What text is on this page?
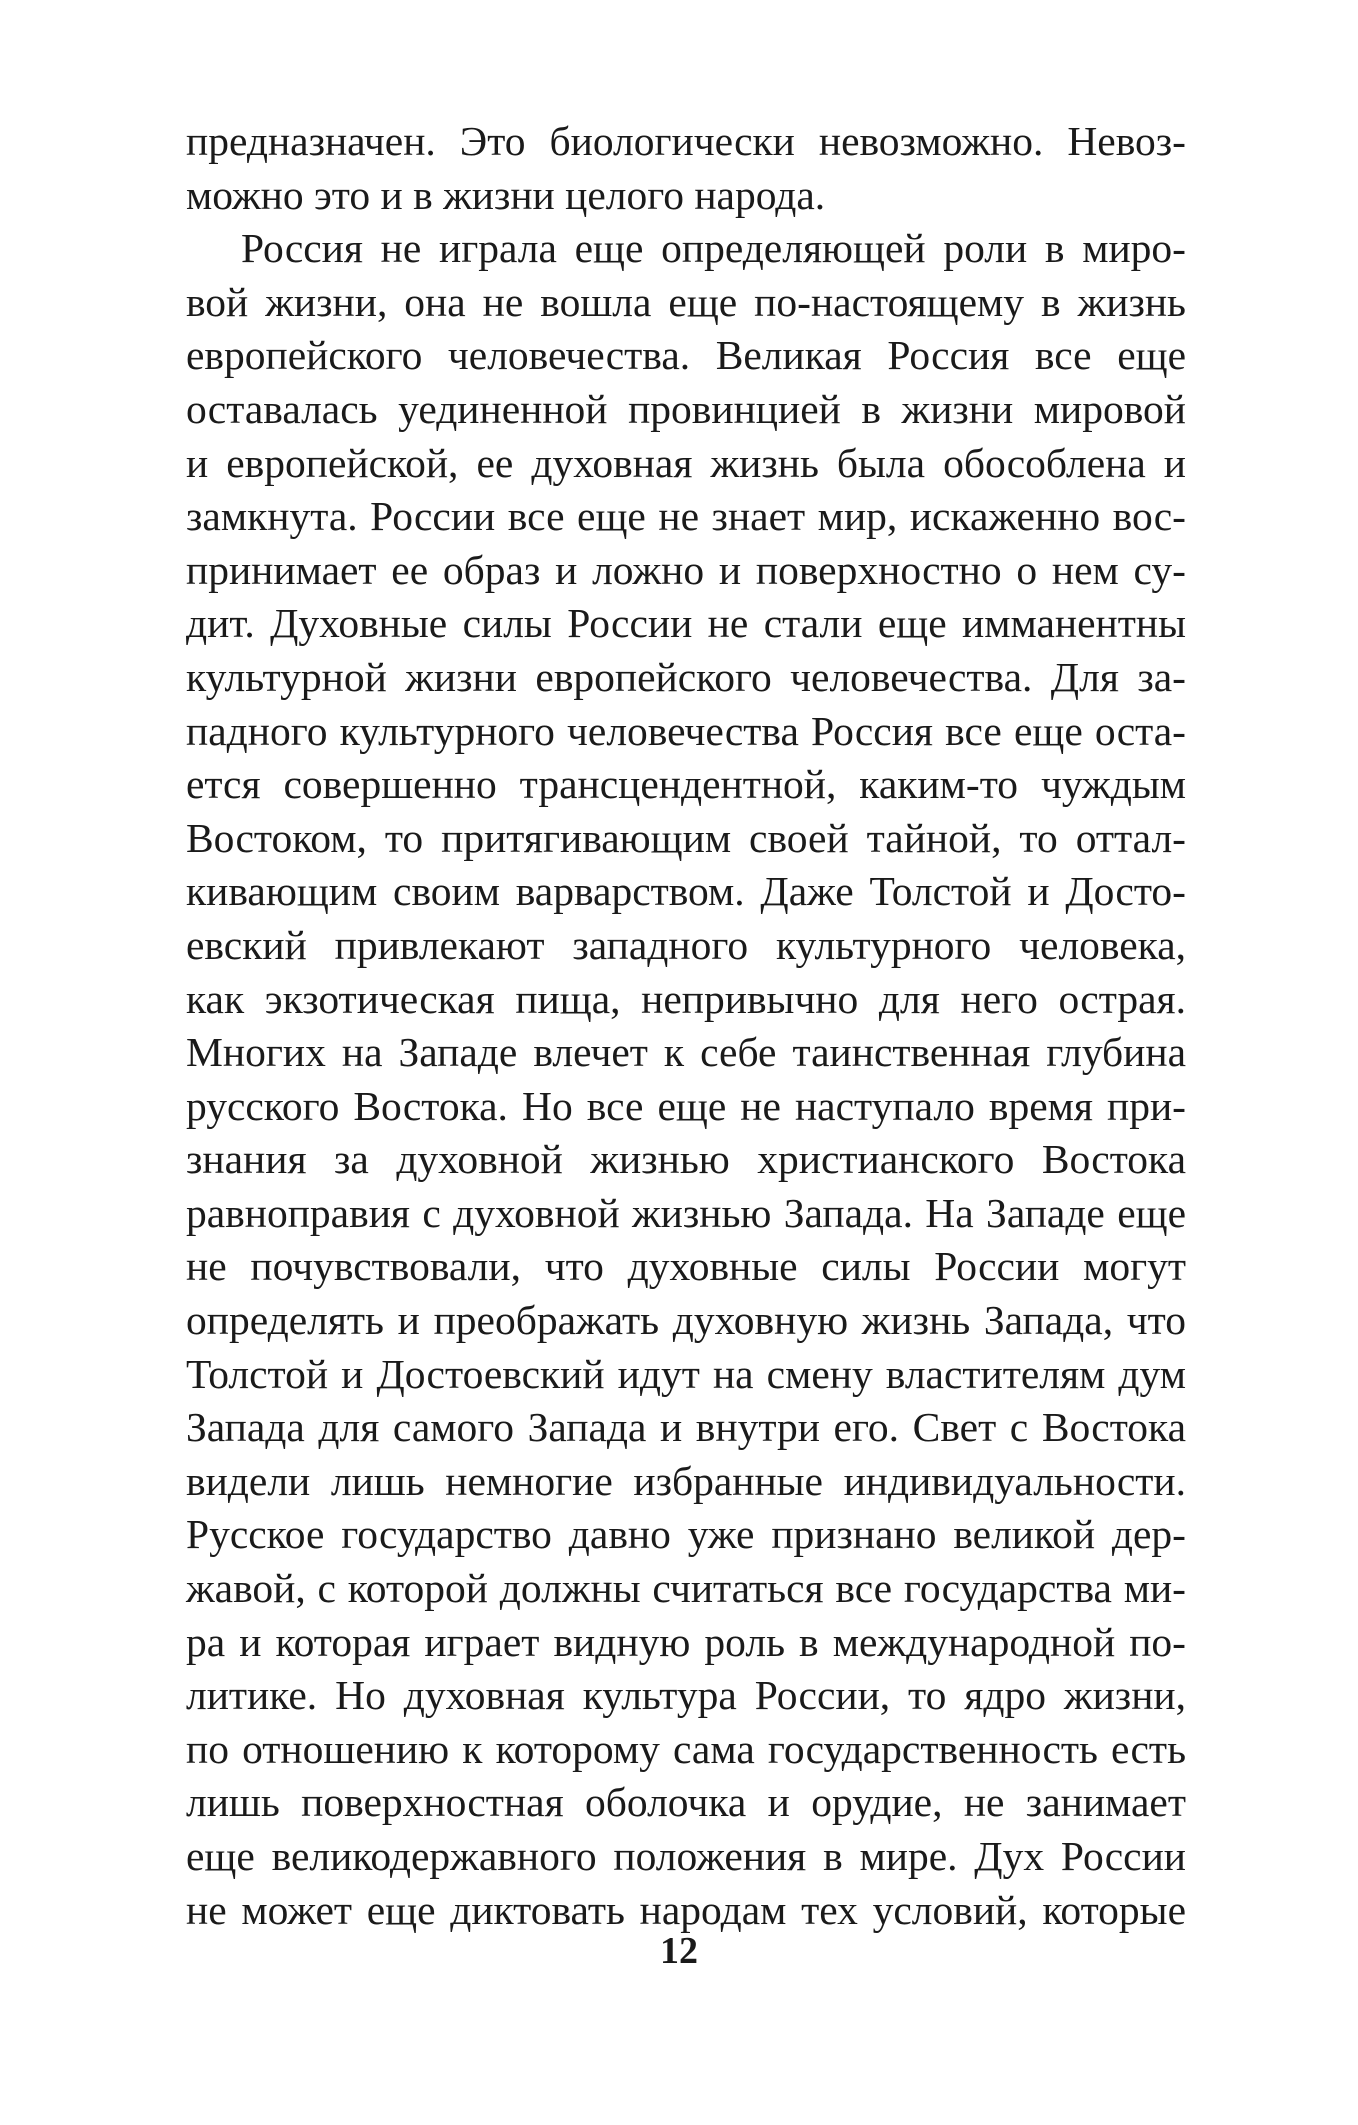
предназначен. Это биологически невозможно. Невоз-
можно это и в жизни целого народа.
Россия не играла еще определяющей роли в миро-
вой жизни, она не вошла еще по-настоящему в жизнь
европейского человечества. Великая Россия все еще
оставалась уединенной провинцией в жизни мировой
и европейской, ее духовная жизнь была обособлена и
замкнута. России все еще не знает мир, искаженно вос-
принимает ее образ и ложно и поверхностно о нем су-
дит. Духовные силы России не стали еще имманентны
культурной жизни европейского человечества. Для за-
падного культурного человечества Россия все еще оста-
ется совершенно трансцендентной, каким-то чуждым
Востоком, то притягивающим своей тайной, то оттал-
кивающим своим варварством. Даже Толстой и Досто-
евский привлекают западного культурного человека,
как экзотическая пища, непривычно для него острая.
Многих на Западе влечет к себе таинственная глубина
русского Востока. Но все еще не наступало время при-
знания за духовной жизнью христианского Востока
равноправия с духовной жизнью Запада. На Западе еще
не почувствовали, что духовные силы России могут
определять и преображать духовную жизнь Запада, что
Толстой и Достоевский идут на смену властителям дум
Запада для самого Запада и внутри его. Свет с Востока
видели лишь немногие избранные индивидуальности.
Русское государство давно уже признано великой дер-
жавой, с которой должны считаться все государства ми-
ра и которая играет видную роль в международной по-
литике. Но духовная культура России, то ядро жизни,
по отношению к которому сама государственность есть
лишь поверхностная оболочка и орудие, не занимает
еще великодержавного положения в мире. Дух России
не может еще диктовать народам тех условий, которые
12
